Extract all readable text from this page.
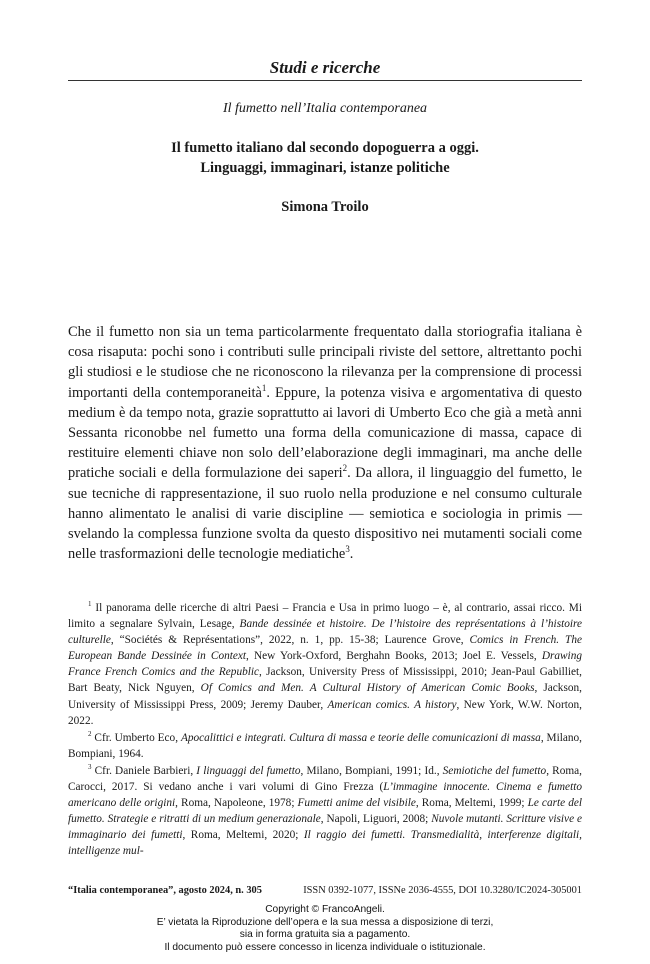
Studi e ricerche
Il fumetto nell’Italia contemporanea
Il fumetto italiano dal secondo dopoguerra a oggi.
Linguaggi, immaginari, istanze politiche
Simona Troilo

Che il fumetto non sia un tema particolarmente frequentato dalla storiografia italiana è cosa risaputa: pochi sono i contributi sulle principali riviste del settore, altrettanto pochi gli studiosi e le studiose che ne riconoscono la rilevanza per la comprensione di processi importanti della contemporaneità$^1$. Eppure, la potenza visiva e argomentativa di questo medium è da tempo nota, grazie soprattutto ai lavori di Umberto Eco che già a metà anni Sessanta riconobbe nel fumetto una forma della comunicazione di massa, capace di restituire elementi chiave non solo dell’elaborazione degli immaginari, ma anche delle pratiche sociali e della formulazione dei saperi$^2$. Da allora, il linguaggio del fumetto, le sue tecniche di rappresentazione, il suo ruolo nella produzione e nel consumo culturale hanno alimentato le analisi di varie discipline — semiotica e sociologia in primis — svelando la complessa funzione svolta da questo dispositivo nei mutamenti sociali come nelle trasformazioni delle tecnologie mediatiche$^3$.

$^1$ Il panorama delle ricerche di altri Paesi – Francia e Usa in primo luogo – è, al contrario, assai ricco. Mi limito a segnalare Sylvain, Lesage, Bande dessinée et histoire. De l’histoire des représentations à l’histoire culturelle, “Sociétés & Représentations”, 2022, n. 1, pp. 15-38; Laurence Grove, Comics in French. The European Bande Dessinée in Context, New York-Oxford, Berghahn Books, 2013; Joel E. Vessels, Drawing France French Comics and the Republic, Jackson, University Press of Mississippi, 2010; Jean-Paul Gabilliet, Bart Beaty, Nick Nguyen, Of Comics and Men. A Cultural History of American Comic Books, Jackson, University of Mississippi Press, 2009; Jeremy Dauber, American comics. A history, New York, W.W. Norton, 2022.

$^2$ Cfr. Umberto Eco, Apocalittici e integrati. Cultura di massa e teorie delle comunicazioni di massa, Milano, Bompiani, 1964.

$^3$ Cfr. Daniele Barbieri, I linguaggi del fumetto, Milano, Bompiani, 1991; Id., Semiotiche del fumetto, Roma, Carocci, 2017. Si vedano anche i vari volumi di Gino Frezza (L’immagine innocente. Cinema e fumetto americano delle origini, Roma, Napoleone, 1978; Fumetti anime del visibile, Roma, Meltemi, 1999; Le carte del fumetto. Strategie e ritratti di un medium generazionale, Napoli, Liguori, 2008; Nuvole mutanti. Scritture visive e immaginario dei fumetti, Roma, Meltemi, 2020; Il raggio dei fumetti. Transmedialità, interferenze digitali, intelligenze mul-

“Italia contemporanea”, agosto 2024, n. 305	ISSN 0392-1077, ISSNe 2036-4555, DOI 10.3280/IC2024-305001
Copyright © FrancoAngeli.
E’ vietata la Riproduzione dell’opera e la sua messa a disposizione di terzi,
sia in forma gratuita sia a pagamento.
Il documento può essere concesso in licenza individuale o istituzionale.
